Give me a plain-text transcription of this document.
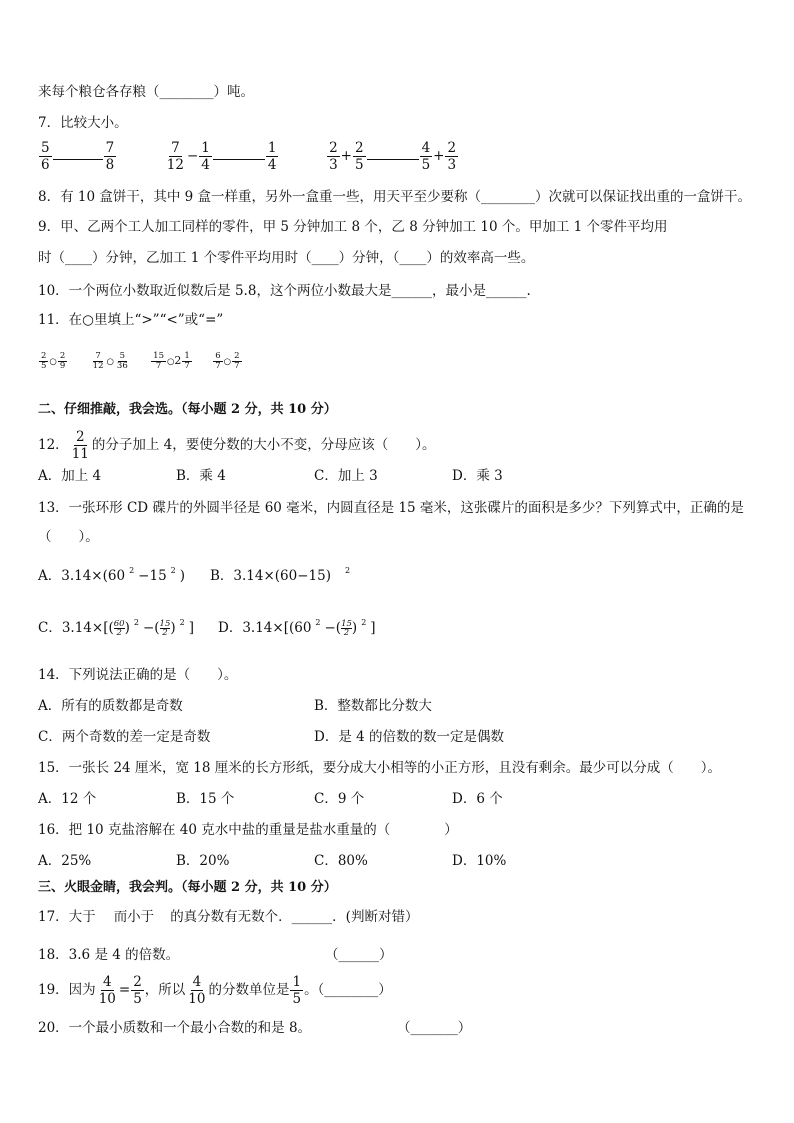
来每个粮仓各存粮（________）吨。
7．比较大小。
$\frac{5}{6}$	$\frac{7}{8}$
	$\frac{7}{12} - \frac{1}{4}$	$\frac{1}{4}$
	$\frac{2}{3} + \frac{2}{5}$	$\frac{4}{5} + \frac{2}{3}$
8．有 10 盒饼干，其中 9 盒一样重，另外一盒重一些，用天平至少要称（________）次就可以保证找出重的一盒饼干。
9．甲、乙两个工人加工同样的零件，甲 5 分钟加工 8 个，乙 8 分钟加工 10 个。甲加工 1 个零件平均用
时（____）分钟，乙加工 1 个零件平均用时（____）分钟，（____）的效率高一些。
10．一个两位小数取近似数后是 5.8，这个两位小数最大是______，最小是______.
11．在○里填上“>”“<”或“=”
$\frac{2}{5}$ ○ $\frac{2}{9}$
	$\frac{7}{12}$ ○ $\frac{5}{36}$
	$\frac{15}{7}$ ○2 $\frac{1}{7}$
	$\frac{6}{7}$ ○ $\frac{2}{7}$
二、仔细推敲，我会选。（每小题 2 分，共 10 分）
12． $\frac{2}{11}$ 的分子加上 4，要使分数的大小不变，分母应该（　　）。
A．加上 4	B．乘 4	C．加上 3	D．乘 3
13．一张环形 CD 碟片的外圆半径是 60 毫米，内圆直径是 15 毫米，这张碟片的面积是多少？下列算式中，正确的是
（　　）。
A．3.14×(60 $^2$ −15 $^2$ ) B．3.14×(60−15) $^2$
C．$3.14\times[( \frac{60}{2}$ ) $^2$ −( $\frac{15}{2}$ ) $^2$ ] D．3.14×[(60 $^2$ −( $\frac{15}{2}$ ) $^2$ ]
14．下列说法正确的是（　　）。
A．所有的质数都是奇数	B．整数都比分数大
C．两个奇数的差一定是奇数	D．是 4 的倍数的数一定是偶数
15．一张长 24 厘米，宽 18 厘米的长方形纸，要分成大小相等的小正方形，且没有剩余。最少可以分成（　　）。
A．12 个	B．15 个	C．9 个	D．6 个
16．把 10 克盐溶解在 40 克水中盐的重量是盐水重量的（　　　　）
A．25%	B．20%	C．80%	D．10%
三、火眼金睛，我会判。（每小题 2 分，共 10 分）
17．大于 而小于 的真分数有无数个．______．(判断对错）
18．3.6 是 4 的倍数。	（______）
19．因为 $\frac{4}{10} = \frac{2}{5}$ ，所以 $\frac{4}{10}$ 的分数单位是 $\frac{1}{5}$ 。（________）
20．一个最小质数和一个最小合数的和是 8。	（_______）
